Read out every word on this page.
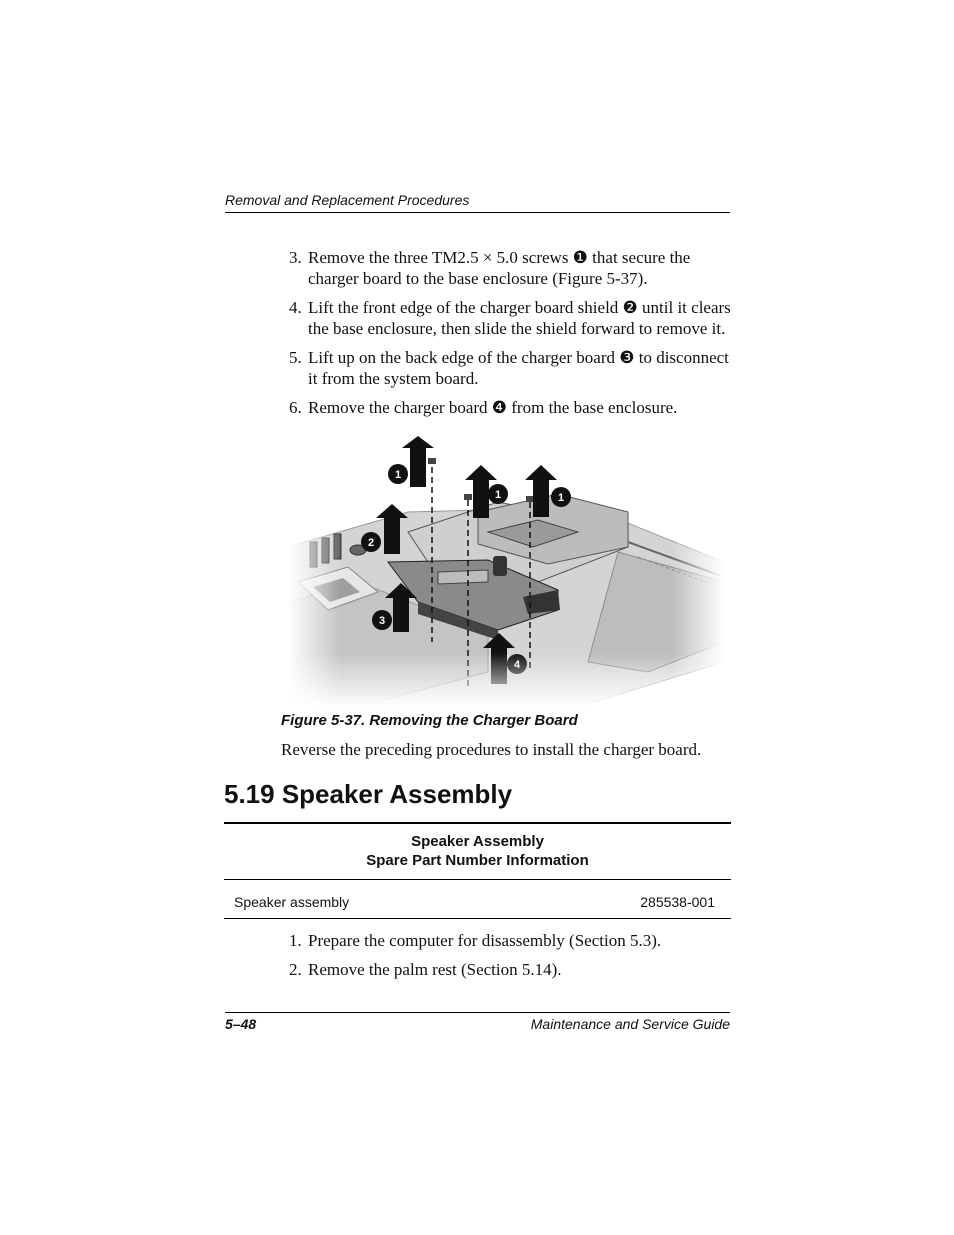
Removal and Replacement Procedures
3. Remove the three TM2.5 × 5.0 screws ❶ that secure the charger board to the base enclosure (Figure 5-37).
4. Lift the front edge of the charger board shield ❷ until it clears the base enclosure, then slide the shield forward to remove it.
5. Lift up on the back edge of the charger board ❸ to disconnect it from the system board.
6. Remove the charger board ❹ from the base enclosure.
Figure 5-37. Removing the Charger Board
Reverse the preceding procedures to install the charger board.
5.19 Speaker Assembly
Speaker Assembly
Spare Part Number Information
Speaker assembly	285538-001
1. Prepare the computer for disassembly (Section 5.3).
2. Remove the palm rest (Section 5.14).
5–48	Maintenance and Service Guide
